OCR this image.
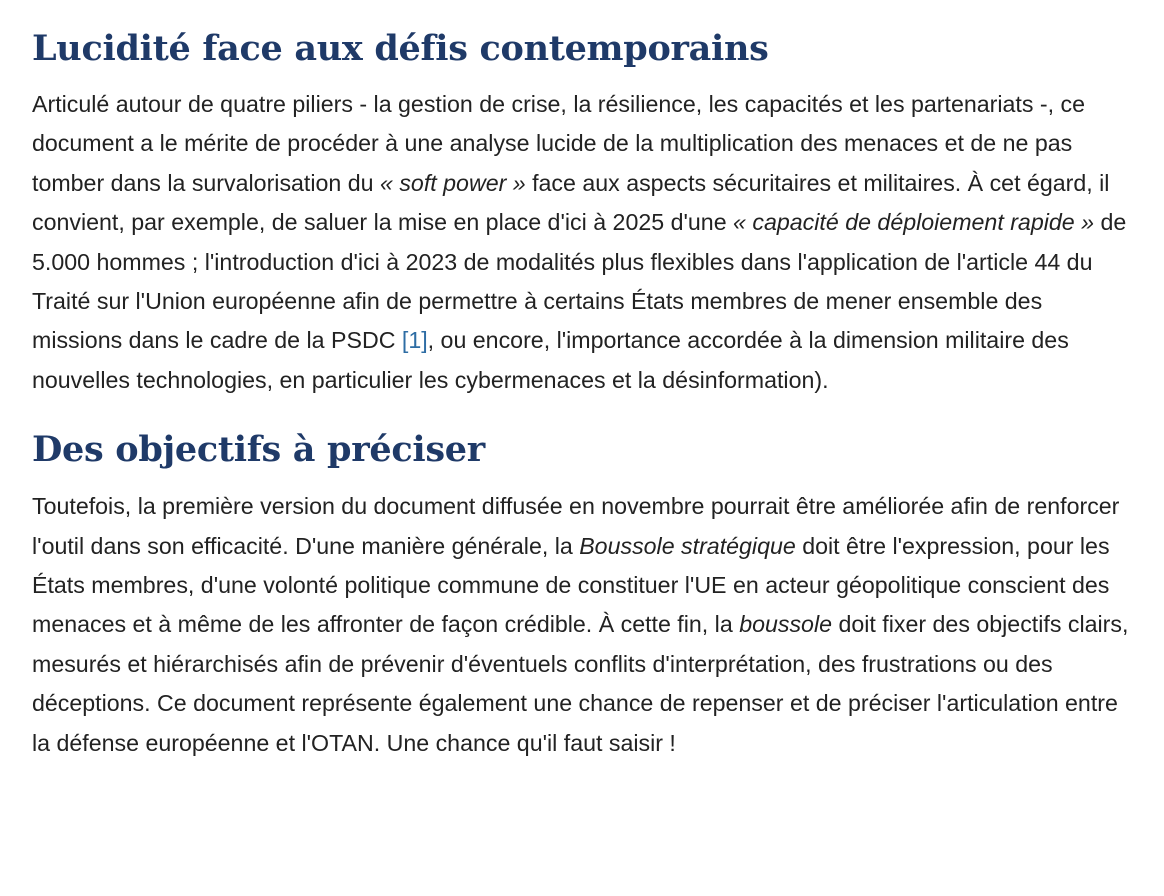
Lucidité face aux défis contemporains

Articulé autour de quatre piliers - la gestion de crise, la résilience, les capacités et les partenariats -, ce document a le mérite de procéder à une analyse lucide de la multiplication des menaces et de ne pas tomber dans la survalorisation du « soft power » face aux aspects sécuritaires et militaires. À cet égard, il convient, par exemple, de saluer la mise en place d'ici à 2025 d'une « capacité de déploiement rapide » de 5.000 hommes ; l'introduction d'ici à 2023 de modalités plus flexibles dans l'application de l'article 44 du Traité sur l'Union européenne afin de permettre à certains États membres de mener ensemble des missions dans le cadre de la PSDC [1], ou encore, l'importance accordée à la dimension militaire des nouvelles technologies, en particulier les cybermenaces et la désinformation).

Des objectifs à préciser

Toutefois, la première version du document diffusée en novembre pourrait être améliorée afin de renforcer l'outil dans son efficacité. D'une manière générale, la Boussole stratégique doit être l'expression, pour les États membres, d'une volonté politique commune de constituer l'UE en acteur géopolitique conscient des menaces et à même de les affronter de façon crédible. À cette fin, la boussole doit fixer des objectifs clairs, mesurés et hiérarchisés afin de prévenir d'éventuels conflits d'interprétation, des frustrations ou des déceptions. Ce document représente également une chance de repenser et de préciser l'articulation entre la défense européenne et l'OTAN. Une chance qu'il faut saisir !
